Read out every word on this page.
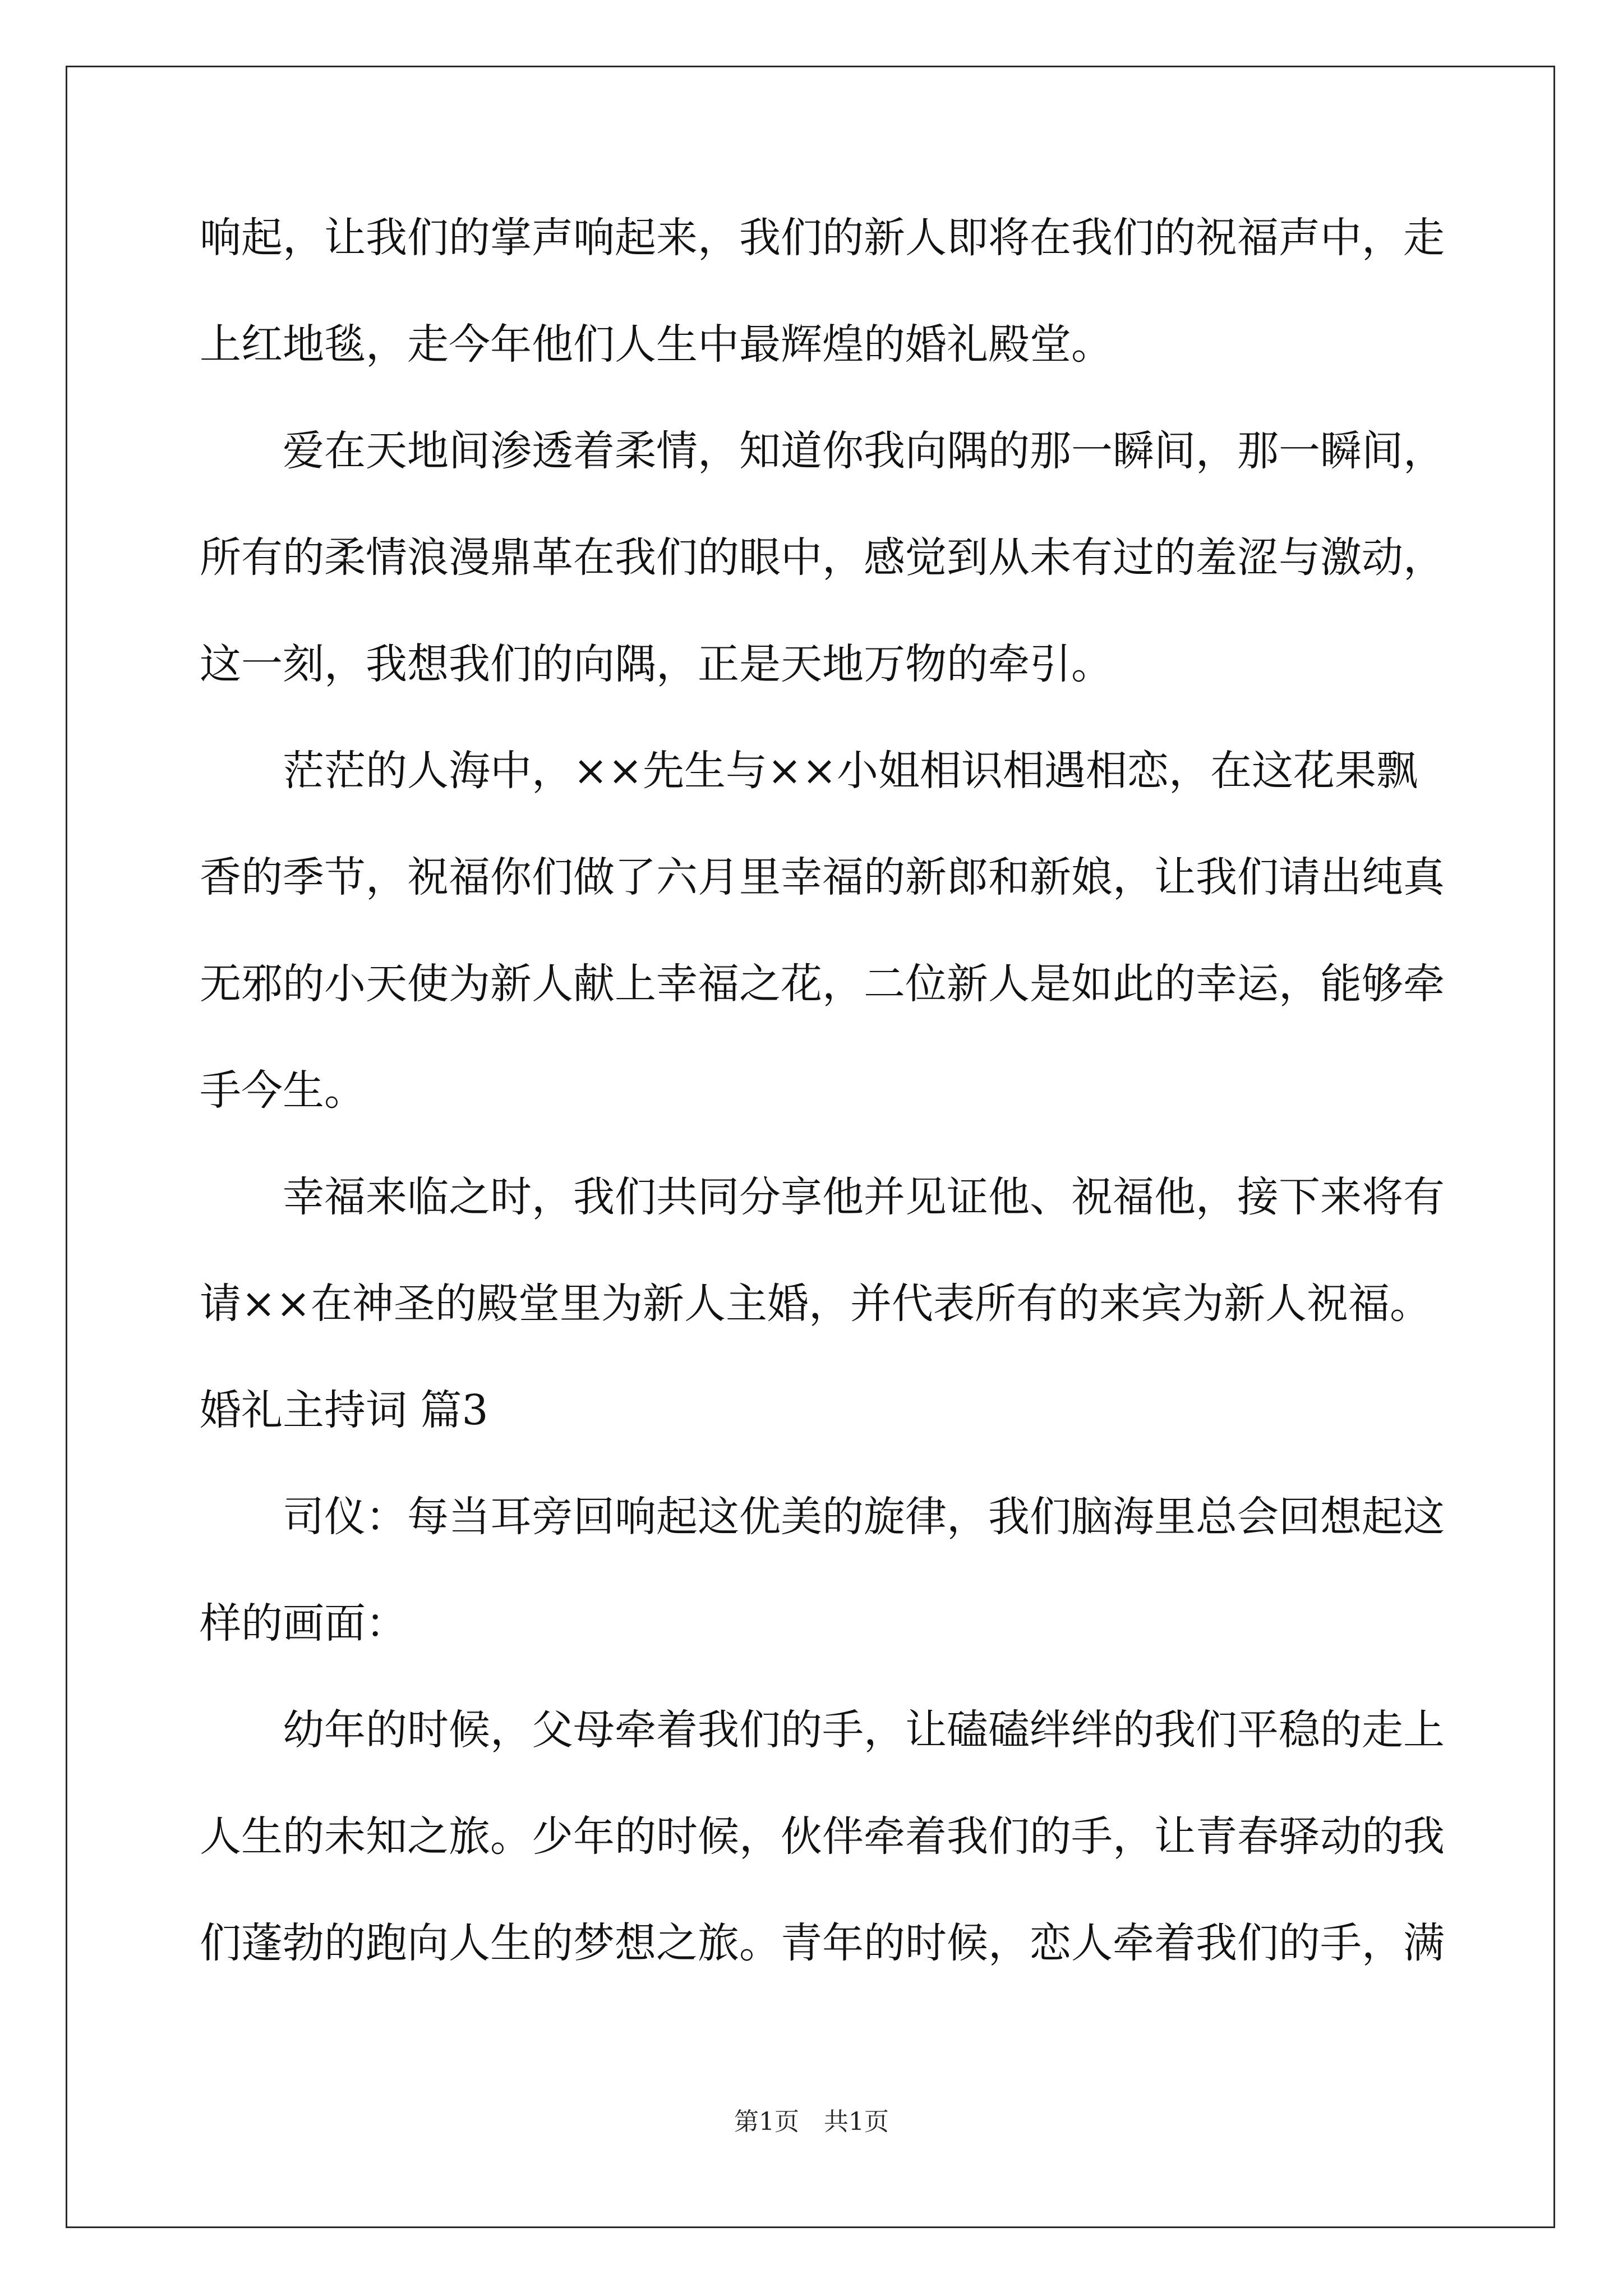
响起，让我们的掌声响起来，我们的新人即将在我们的祝福声中，走
上红地毯，走今年他们人生中最辉煌的婚礼殿堂。
爱在天地间渗透着柔情，知道你我向隅的那一瞬间，那一瞬间，
所有的柔情浪漫鼎革在我们的眼中，感觉到从未有过的羞涩与激动，
这一刻，我想我们的向隅，正是天地万物的牵引。
茫茫的人海中，××先生与××小姐相识相遇相恋，在这花果飘
香的季节，祝福你们做了六月里幸福的新郎和新娘，让我们请出纯真
无邪的小天使为新人献上幸福之花，二位新人是如此的幸运，能够牵
手今生。
幸福来临之时，我们共同分享他并见证他、祝福他，接下来将有
请××在神圣的殿堂里为新人主婚，并代表所有的来宾为新人祝福。
婚礼主持词 篇3
司仪：每当耳旁回响起这优美的旋律，我们脑海里总会回想起这
样的画面：
幼年的时候，父母牵着我们的手，让磕磕绊绊的我们平稳的走上
人生的未知之旅。少年的时候，伙伴牵着我们的手，让青春驿动的我
们蓬勃的跑向人生的梦想之旅。青年的时候，恋人牵着我们的手，满
第1页 共1页
